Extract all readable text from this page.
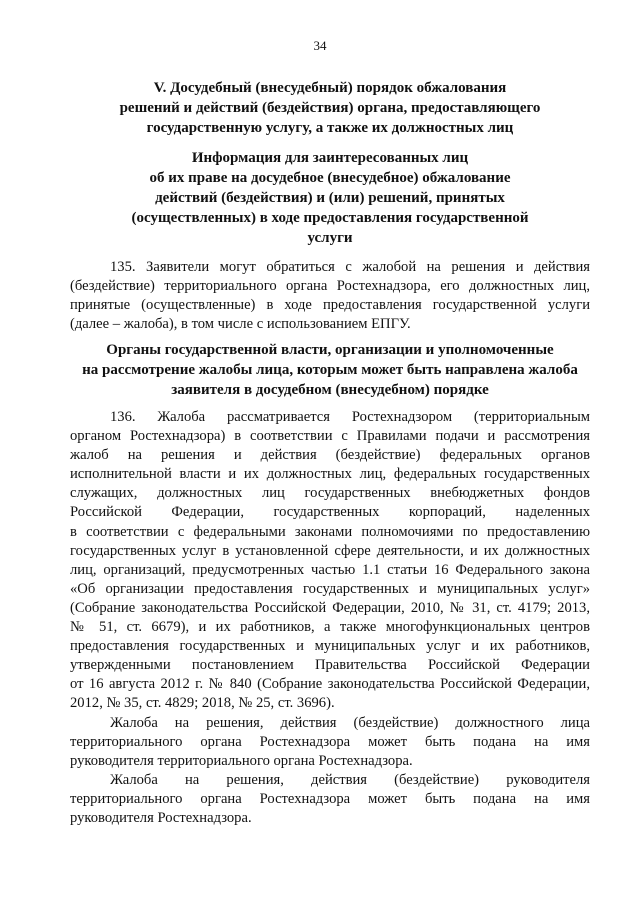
34
V. Досудебный (внесудебный) порядок обжалования
решений и действий (бездействия) органа, предоставляющего
государственную услугу, а также их должностных лиц
Информация для заинтересованных лиц
об их праве на досудебное (внесудебное) обжалование
действий (бездействия) и (или) решений, принятых
(осуществленных) в ходе предоставления государственной
услуги
135. Заявители могут обратиться с жалобой на решения и действия
(бездействие) территориального органа Ростехнадзора, его должностных лиц,
принятые (осуществленные) в ходе предоставления государственной услуги
(далее – жалоба), в том числе с использованием ЕПГУ.
Органы государственной власти, организации и уполномоченные
на рассмотрение жалобы лица, которым может быть направлена жалоба
заявителя в досудебном (внесудебном) порядке
136. Жалоба рассматривается Ростехнадзором (территориальным
органом Ростехнадзора) в соответствии с Правилами подачи и рассмотрения
жалоб на решения и действия (бездействие) федеральных органов
исполнительной власти и их должностных лиц, федеральных государственных
служащих, должностных лиц государственных внебюджетных фондов
Российской Федерации, государственных корпораций, наделенных
в соответствии с федеральными законами полномочиями по предоставлению
государственных услуг в установленной сфере деятельности, и их должностных
лиц, организаций, предусмотренных частью 1.1 статьи 16 Федерального закона
«Об организации предоставления государственных и муниципальных услуг»
(Собрание законодательства Российской Федерации, 2010, № 31, ст. 4179; 2013,
№ 51, ст. 6679), и их работников, а также многофункциональных центров
предоставления государственных и муниципальных услуг и их работников,
утвержденными постановлением Правительства Российской Федерации
от 16 августа 2012 г. № 840 (Собрание законодательства Российской Федерации,
2012, № 35, ст. 4829; 2018, № 25, ст. 3696).
Жалоба на решения, действия (бездействие) должностного лица
территориального органа Ростехнадзора может быть подана на имя
руководителя территориального органа Ростехнадзора.
Жалоба на решения, действия (бездействие) руководителя
территориального органа Ростехнадзора может быть подана на имя
руководителя Ростехнадзора.
